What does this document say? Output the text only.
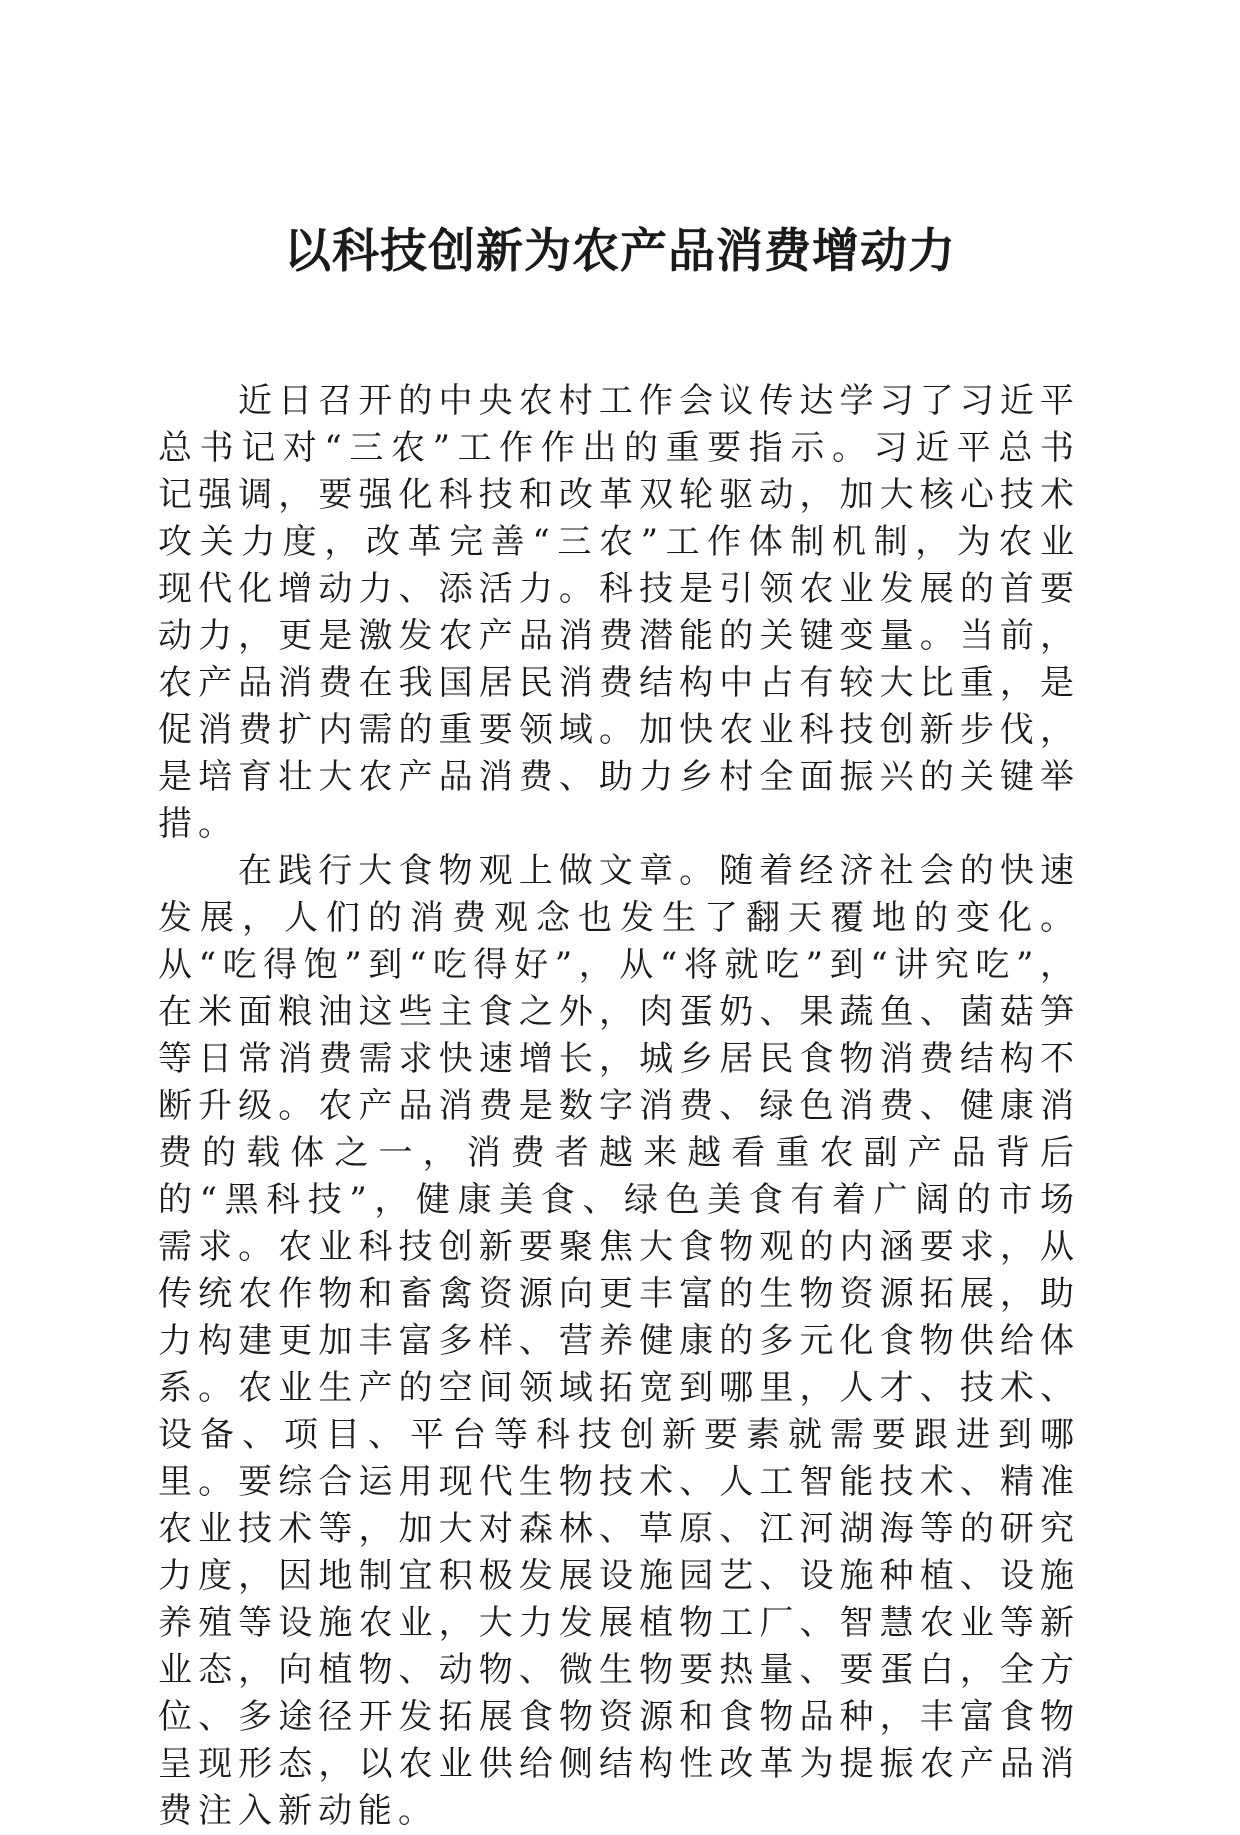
以科技创新为农产品消费增动力

近日召开的中央农村工作会议传达学习了习近平总书记对“三农”工作作出的重要指示。习近平总书记强调，要强化科技和改革双轮驱动，加大核心技术攻关力度，改革完善“三农”工作体制机制，为农业现代化增动力、添活力。科技是引领农业发展的首要动力，更是激发农产品消费潜能的关键变量。当前，农产品消费在我国居民消费结构中占有较大比重，是促消费扩内需的重要领域。加快农业科技创新步伐，是培育壮大农产品消费、助力乡村全面振兴的关键举措。

在践行大食物观上做文章。随着经济社会的快速发展，人们的消费观念也发生了翻天覆地的变化。从“吃得饱”到“吃得好”，从“将就吃”到“讲究吃”，在米面粮油这些主食之外，肉蛋奶、果蔬鱼、菌菇笋等日常消费需求快速增长，城乡居民食物消费结构不断升级。农产品消费是数字消费、绿色消费、健康消费的载体之一，消费者越来越看重农副产品背后的“黑科技”，健康美食、绿色美食有着广阔的市场需求。农业科技创新要聚焦大食物观的内涵要求，从传统农作物和畜禽资源向更丰富的生物资源拓展，助力构建更加丰富多样、营养健康的多元化食物供给体系。农业生产的空间领域拓宽到哪里，人才、技术、设备、项目、平台等科技创新要素就需要跟进到哪里。要综合运用现代生物技术、人工智能技术、精准农业技术等，加大对森林、草原、江河湖海等的研究力度，因地制宜积极发展设施园艺、设施种植、设施养殖等设施农业，大力发展植物工厂、智慧农业等新业态，向植物、动物、微生物要热量、要蛋白，全方位、多途径开发拓展食物资源和食物品种，丰富食物呈现形态，以农业供给侧结构性改革为提振农产品消费注入新动能。
